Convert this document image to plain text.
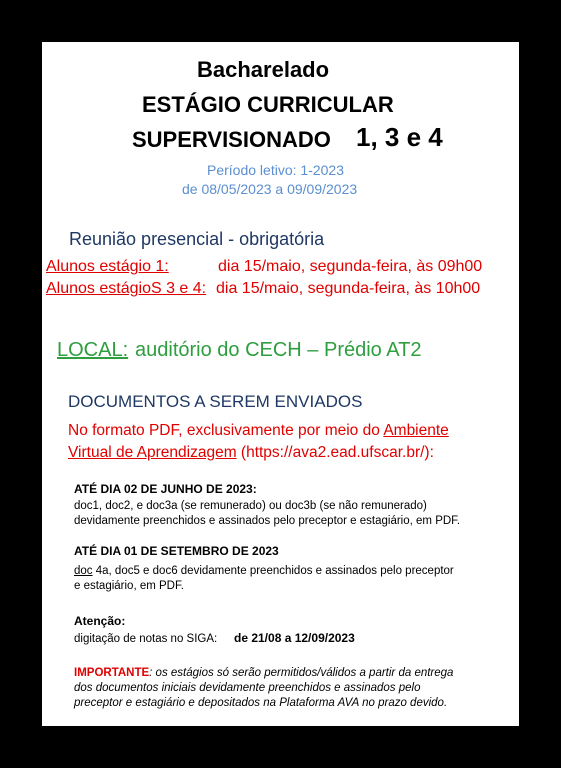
Bacharelado
ESTÁGIO CURRICULAR
SUPERVISIONADO 1, 3 e 4
Período letivo: 1-2023
de 08/05/2023 a 09/09/2023
Reunião presencial - obrigatória
Alunos estágio 1:	dia 15/maio, segunda-feira, às 09h00
Alunos estágioS 3 e 4: dia 15/maio, segunda-feira, às 10h00
LOCAL: auditório do CECH – Prédio AT2
DOCUMENTOS A SEREM ENVIADOS
No formato PDF, exclusivamente por meio do Ambiente
Virtual de Aprendizagem (https://ava2.ead.ufscar.br/):
ATÉ DIA 02 DE JUNHO DE 2023:
doc1, doc2, e doc3a (se remunerado) ou doc3b (se não remunerado)
devidamente preenchidos e assinados pelo preceptor e estagiário, em PDF.
ATÉ DIA 01 DE SETEMBRO DE 2023
doc 4a, doc5 e doc6 devidamente preenchidos e assinados pelo preceptor
e estagiário, em PDF.
Atenção:
digitação de notas no SIGA: de 21/08 a 12/09/2023
IMPORTANTE: os estágios só serão permitidos/válidos a partir da entrega
dos documentos iniciais devidamente preenchidos e assinados pelo
preceptor e estagiário e depositados na Plataforma AVA no prazo devido.
